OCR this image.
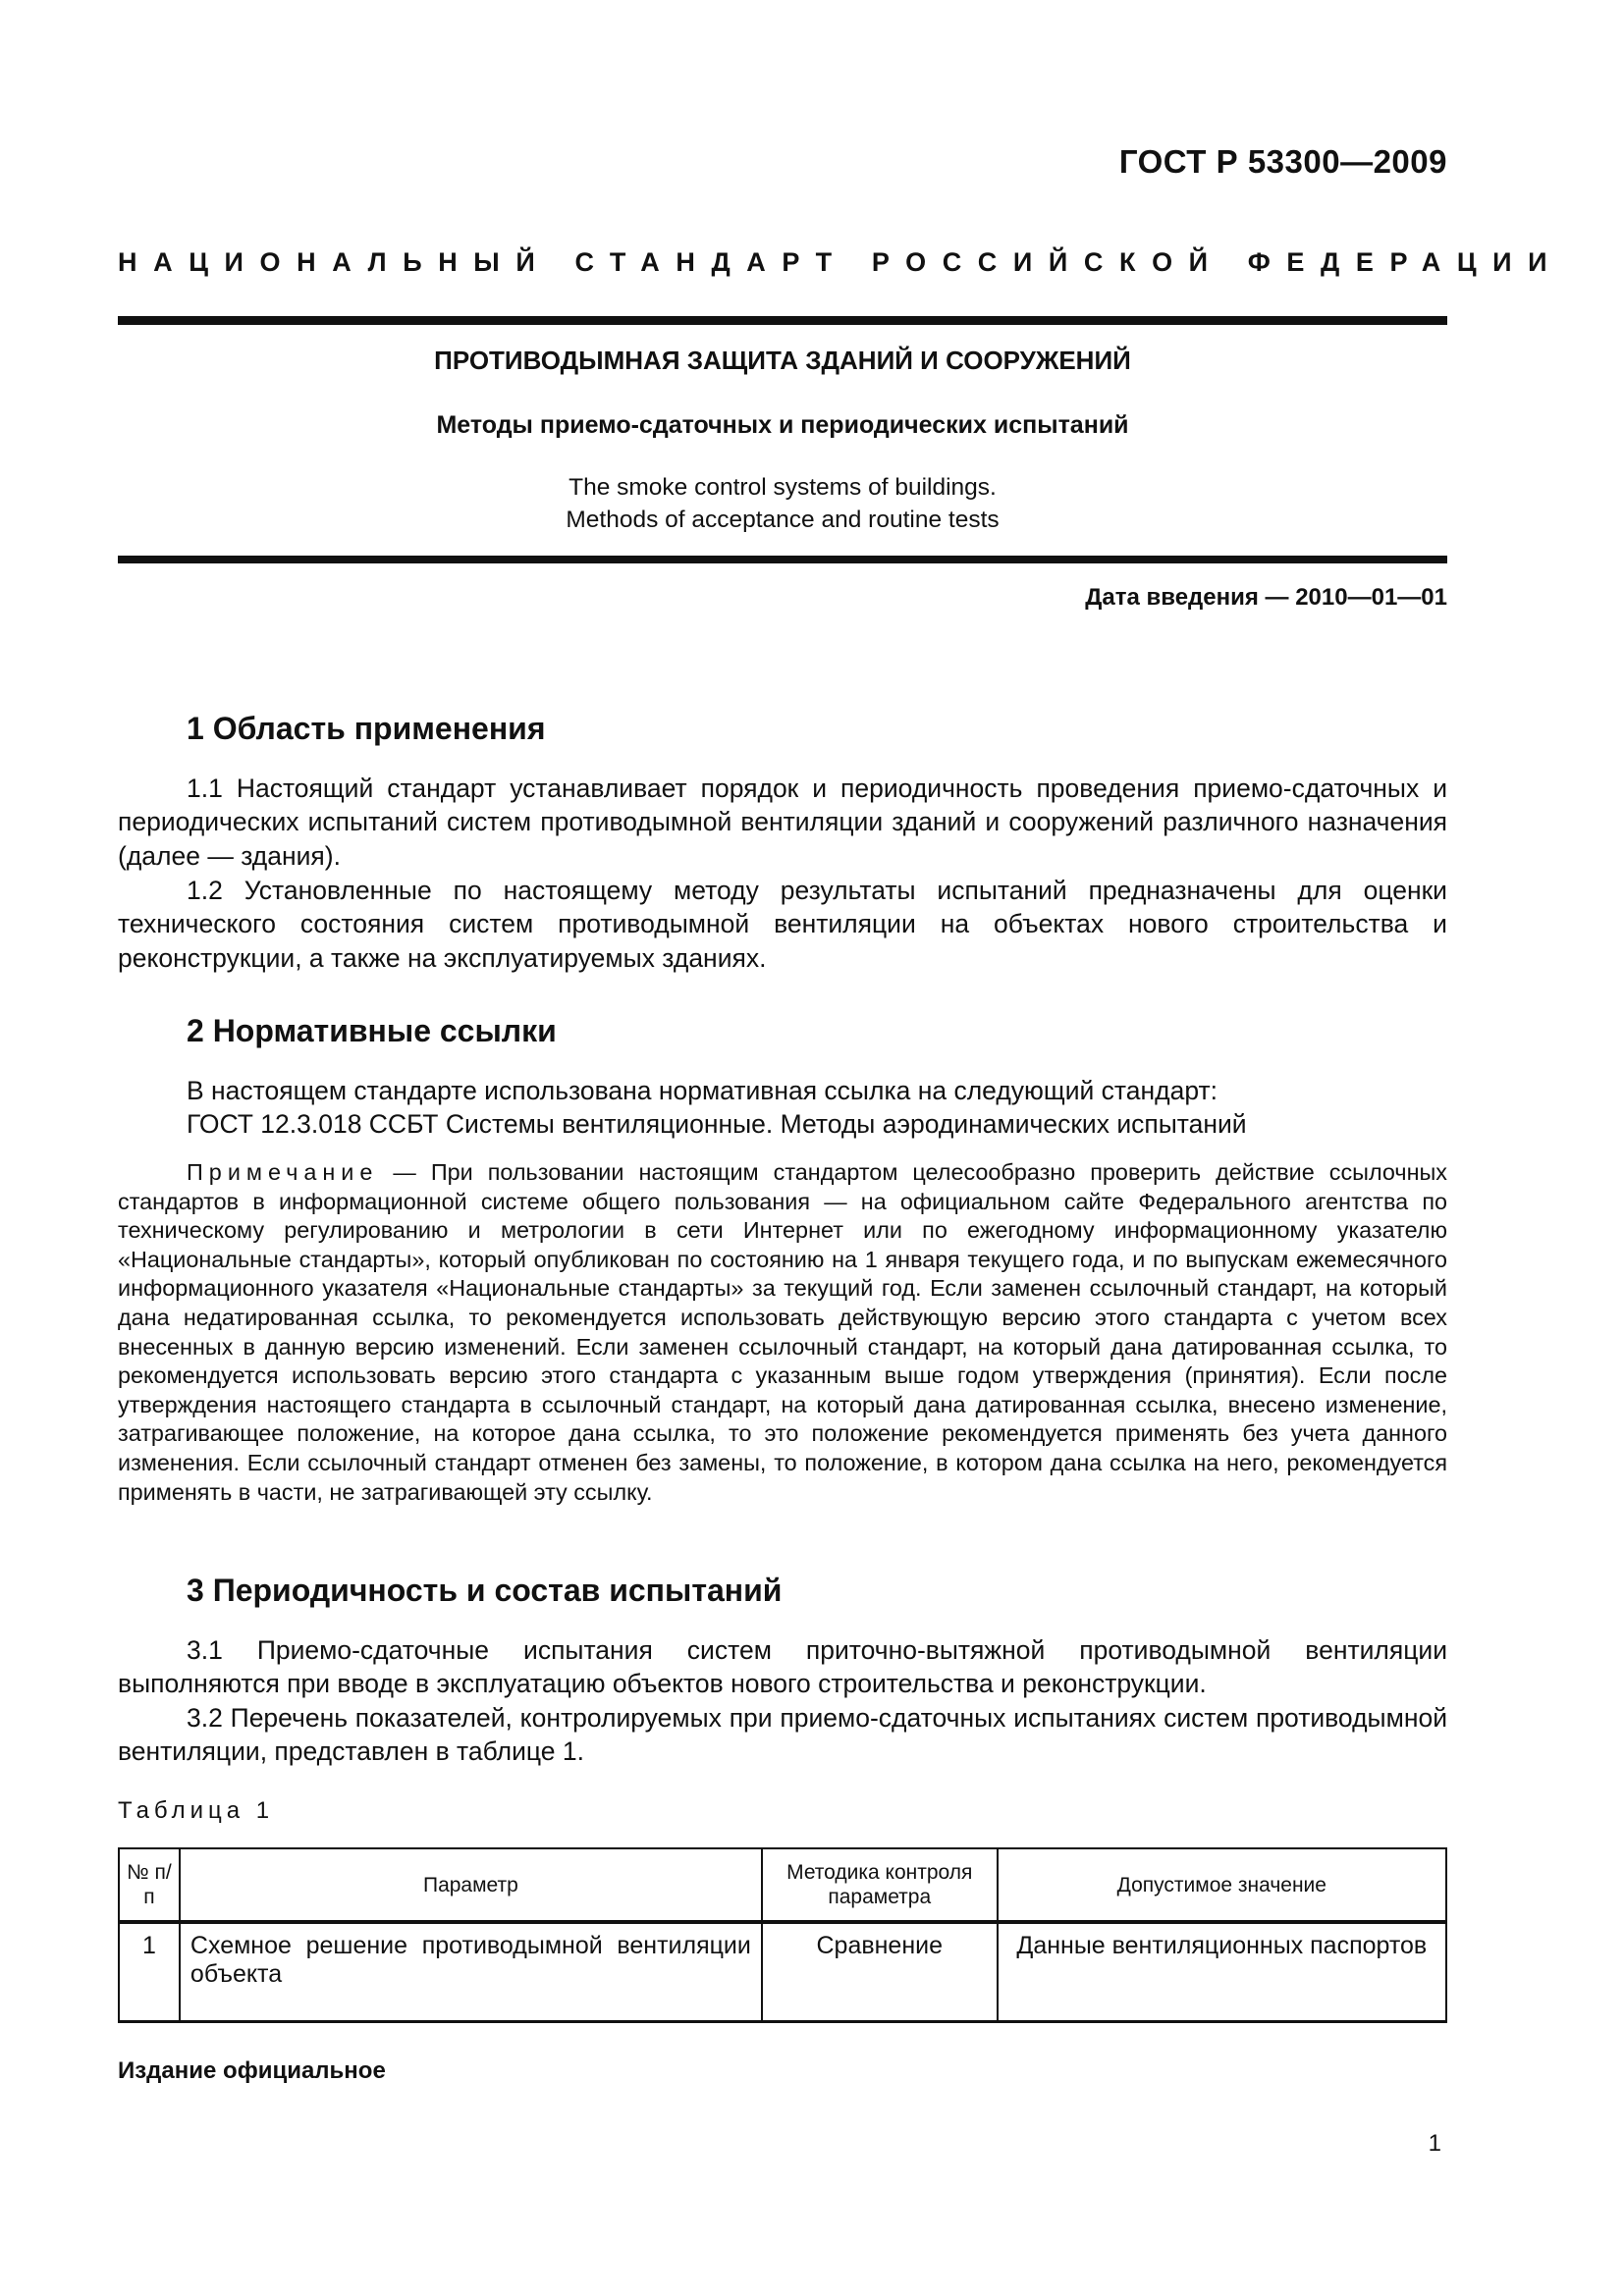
ГОСТ Р 53300—2009
НАЦИОНАЛЬНЫЙ СТАНДАРТ РОССИЙСКОЙ ФЕДЕРАЦИИ
ПРОТИВОДЫМНАЯ ЗАЩИТА ЗДАНИЙ И СООРУЖЕНИЙ
Методы приемо-сдаточных и периодических испытаний
The smoke control systems of buildings.
Methods of acceptance and routine tests
Дата введения — 2010—01—01
1 Область применения

1.1 Настоящий стандарт устанавливает порядок и периодичность проведения приемо-сдаточных и периодических испытаний систем противодымной вентиляции зданий и сооружений различного назначения (далее — здания).

1.2 Установленные по настоящему методу результаты испытаний предназначены для оценки технического состояния систем противодымной вентиляции на объектах нового строительства и реконструкции, а также на эксплуатируемых зданиях.

2 Нормативные ссылки

В настоящем стандарте использована нормативная ссылка на следующий стандарт:

ГОСТ 12.3.018 ССБТ Системы вентиляционные. Методы аэродинамических испытаний

Примечание — При пользовании настоящим стандартом целесообразно проверить действие ссылочных стандартов в информационной системе общего пользования — на официальном сайте Федерального агентства по техническому регулированию и метрологии в сети Интернет или по ежегодному информационному указателю «Национальные стандарты», который опубликован по состоянию на 1 января текущего года, и по выпускам ежемесячного информационного указателя «Национальные стандарты» за текущий год. Если заменен ссылочный стандарт, на который дана недатированная ссылка, то рекомендуется использовать действующую версию этого стандарта с учетом всех внесенных в данную версию изменений. Если заменен ссылочный стандарт, на который дана датированная ссылка, то рекомендуется использовать версию этого стандарта с указанным выше годом утверждения (принятия). Если после утверждения настоящего стандарта в ссылочный стандарт, на который дана датированная ссылка, внесено изменение, затрагивающее положение, на которое дана ссылка, то это положение рекомендуется применять без учета данного изменения. Если ссылочный стандарт отменен без замены, то положение, в котором дана ссылка на него, рекомендуется применять в части, не затрагивающей эту ссылку.

3 Периодичность и состав испытаний

3.1 Приемо-сдаточные испытания систем приточно-вытяжной противодымной вентиляции выполняются при вводе в эксплуатацию объектов нового строительства и реконструкции.

3.2 Перечень показателей, контролируемых при приемо-сдаточных испытаниях систем противодымной вентиляции, представлен в таблице 1.

Таблица 1
№ п/п	Параметр	Методика контроля параметра	Допустимое значение
1	Схемное решение противодымной вентиляции объекта	Сравнение	Данные вентиляционных паспортов
Издание официальное
1
